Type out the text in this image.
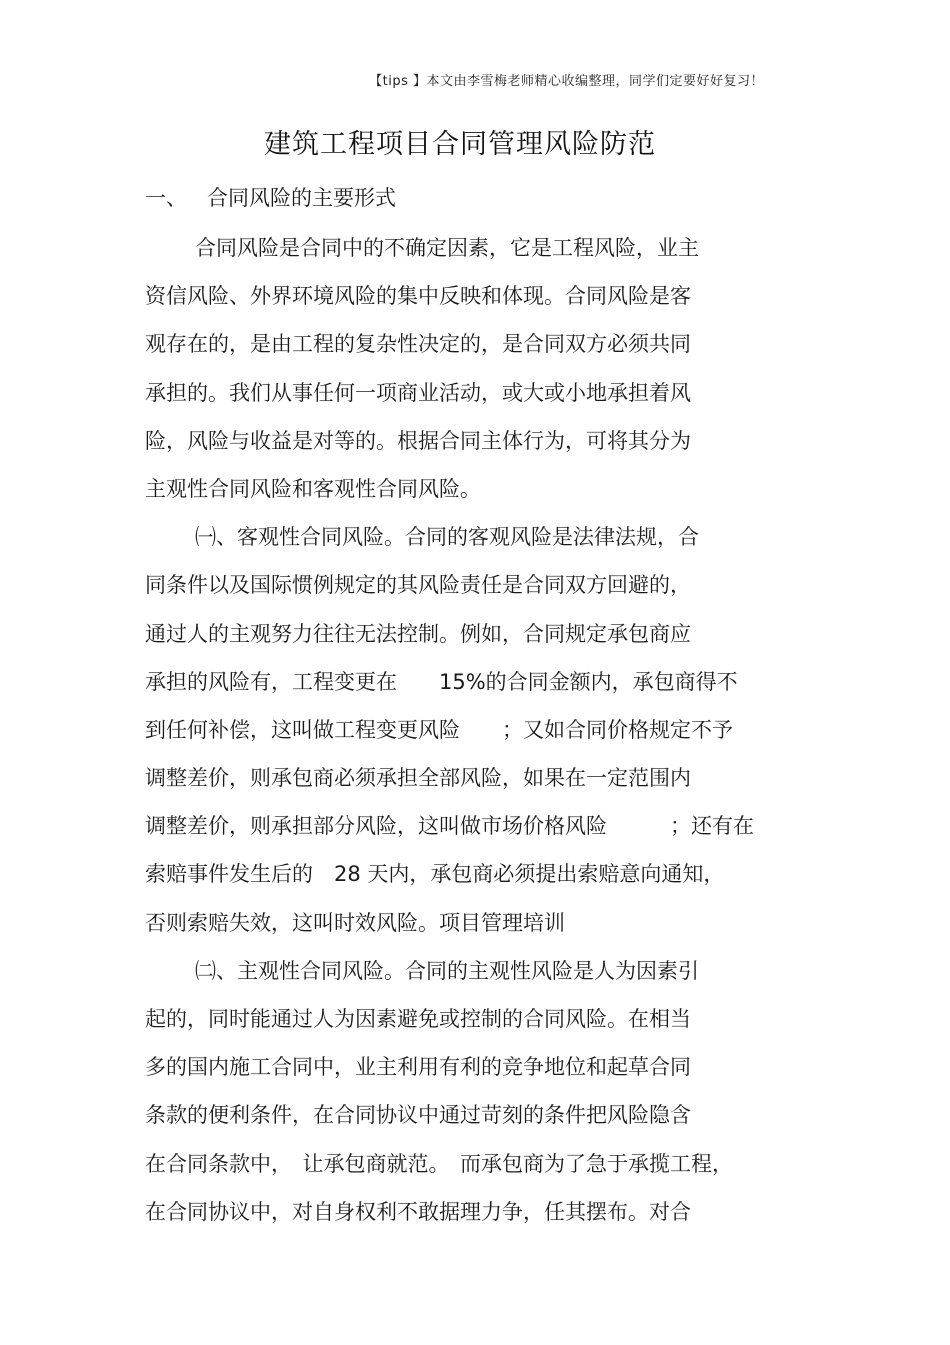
【tips 】本文由李雪梅老师精心收编整理，同学们定要好好复习！
建筑工程项目合同管理风险防范
一、 合同风险的主要形式
合同风险是合同中的不确定因素，它是工程风险，业主
资信风险、外界环境风险的集中反映和体现。合同风险是客
观存在的，是由工程的复杂性决定的，是合同双方必须共同
承担的。我们从事任何一项商业活动，或大或小地承担着风
险，风险与收益是对等的。根据合同主体行为，可将其分为
主观性合同风险和客观性合同风险。
㈠、客观性合同风险。合同的客观风险是法律法规，合
同条件以及国际惯例规定的其风险责任是合同双方回避的，
通过人的主观努力往往无法控制。例如，合同规定承包商应
承担的风险有，工程变更在　　15%的合同金额内，承包商得不
到任何补偿，这叫做工程变更风险　　；又如合同价格规定不予
调整差价，则承包商必须承担全部风险，如果在一定范围内
调整差价，则承担部分风险，这叫做市场价格风险　　　；还有在
索赔事件发生后的　28 天内，承包商必须提出索赔意向通知，
否则索赔失效，这叫时效风险。项目管理培训
㈡、主观性合同风险。合同的主观性风险是人为因素引
起的，同时能通过人为因素避免或控制的合同风险。在相当
多的国内施工合同中，业主利用有利的竞争地位和起草合同
条款的便利条件，在合同协议中通过苛刻的条件把风险隐含
在合同条款中，　让承包商就范。　而承包商为了急于承揽工程，
在合同协议中，对自身权利不敢据理力争，任其摆布。对合
